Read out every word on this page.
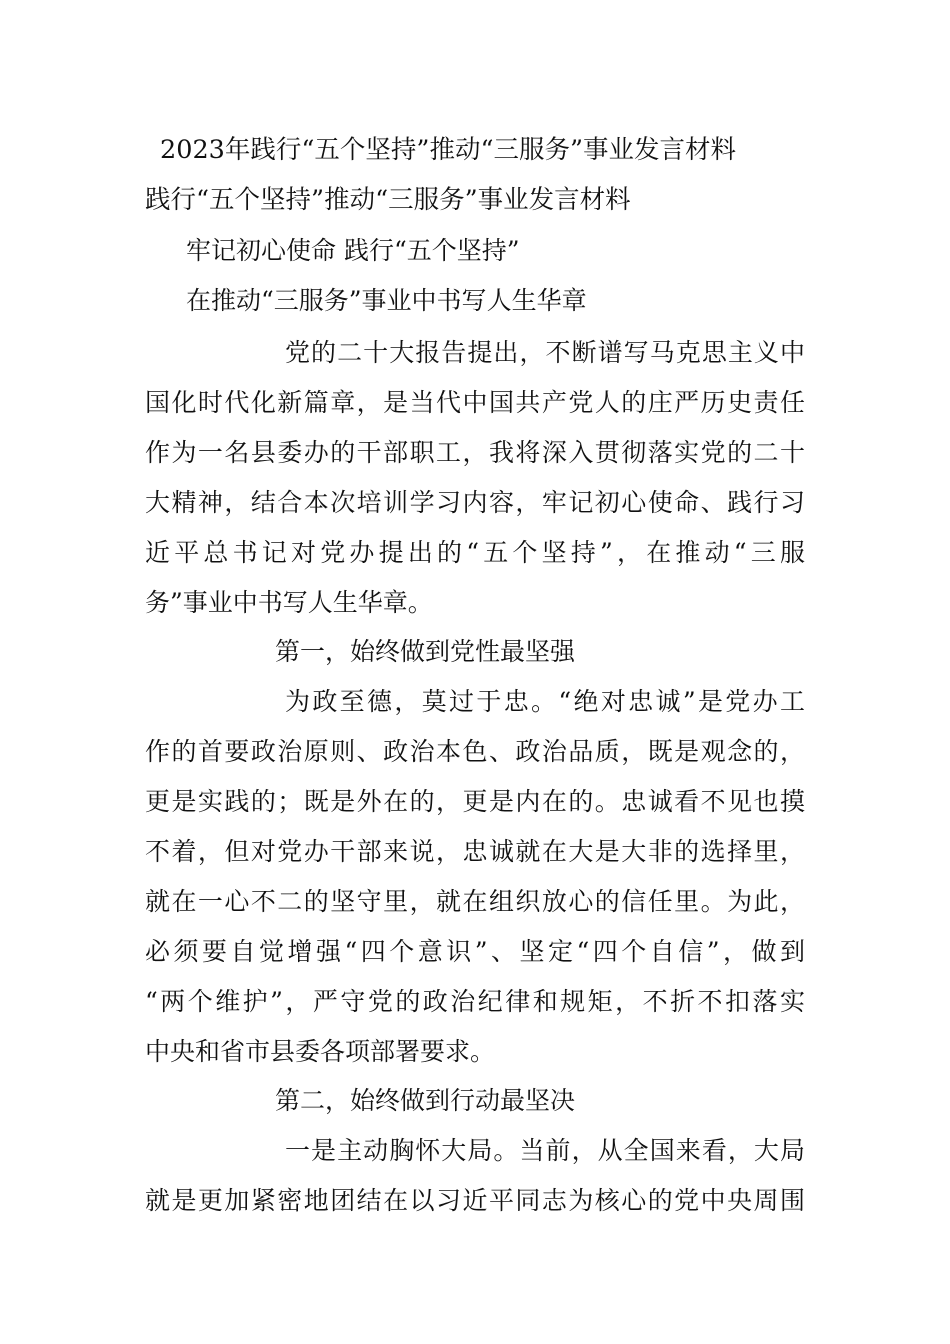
2023年践行“五个坚持”推动“三服务”事业发言材料
践行“五个坚持”推动“三服务”事业发言材料
牢记初心使命 践行“五个坚持”
在推动“三服务”事业中书写人生华章
党的二十大报告提出，不断谱写马克思主义中
国化时代化新篇章，是当代中国共产党人的庄严历史责任
作为一名县委办的干部职工，我将深入贯彻落实党的二十
大精神，结合本次培训学习内容，牢记初心使命、践行习
近平总书记对党办提出的“五个坚持”，在推动“三服
务”事业中书写人生华章。
第一，始终做到党性最坚强
为政至德，莫过于忠。“绝对忠诚”是党办工
作的首要政治原则、政治本色、政治品质，既是观念的，
更是实践的；既是外在的，更是内在的。忠诚看不见也摸
不着，但对党办干部来说，忠诚就在大是大非的选择里，
就在一心不二的坚守里，就在组织放心的信任里。为此，
必须要自觉增强“四个意识”、坚定“四个自信”，做到
“两个维护”，严守党的政治纪律和规矩，不折不扣落实
中央和省市县委各项部署要求。
第二，始终做到行动最坚决
一是主动胸怀大局。当前，从全国来看，大局
就是更加紧密地团结在以习近平同志为核心的党中央周围
